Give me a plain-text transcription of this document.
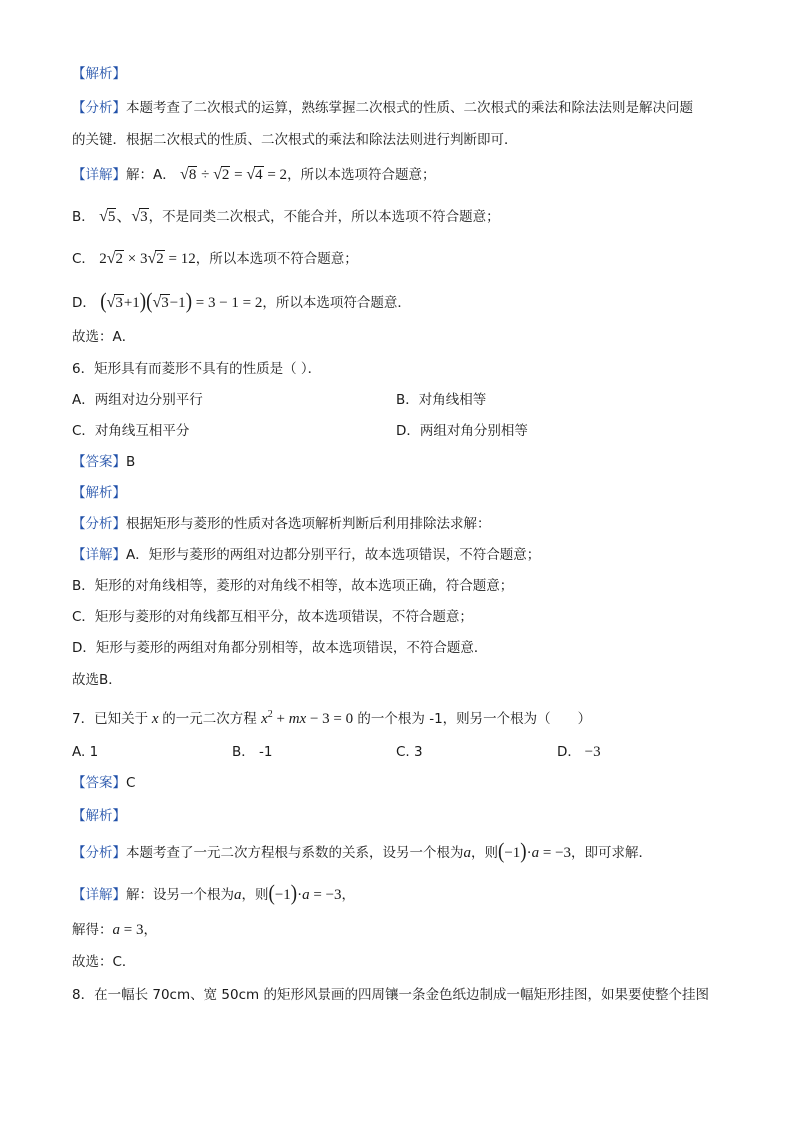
【解析】
【分析】本题考查了二次根式的运算，熟练掌握二次根式的性质、二次根式的乘法和除法法则是解决问题
的关键．根据二次根式的性质、二次根式的乘法和除法法则进行判断即可．
【详解】解：A． √8 ÷ √2 = √4 = 2，所以本选项符合题意；
B． √5、√3，不是同类二次根式，不能合并，所以本选项不符合题意；
C． 2√2 × 3√2 = 12，所以本选项不符合题意；
D． (√3+1)(√3−1) = 3 − 1 = 2，所以本选项符合题意．
故选：A．
6．矩形具有而菱形不具有的性质是（ ）．
A．两组对边分别平行	B．对角线相等
C．对角线互相平分	D．两组对角分别相等
【答案】B
【解析】
【分析】根据矩形与菱形的性质对各选项解析判断后利用排除法求解：
【详解】A．矩形与菱形的两组对边都分别平行，故本选项错误，不符合题意；
B．矩形的对角线相等，菱形的对角线不相等，故本选项正确，符合题意；
C．矩形与菱形的对角线都互相平分，故本选项错误，不符合题意；
D．矩形与菱形的两组对角都分别相等，故本选项错误，不符合题意．
故选B．
7．已知关于 x 的一元二次方程 $x^2$ + mx − 3 = 0 的一个根为 -1，则另一个根为（　　）
A. 1	B． -1	C. 3	D． −3
【答案】C
【解析】
【分析】本题考查了一元二次方程根与系数的关系，设另一个根为a，则(−1)·a = −3，即可求解．
【详解】解：设另一个根为a，则(−1)·a = −3，
解得：a = 3，
故选：C．
8．在一幅长 70cm、宽 50cm 的矩形风景画的四周镶一条金色纸边制成一幅矩形挂图，如果要使整个挂图
